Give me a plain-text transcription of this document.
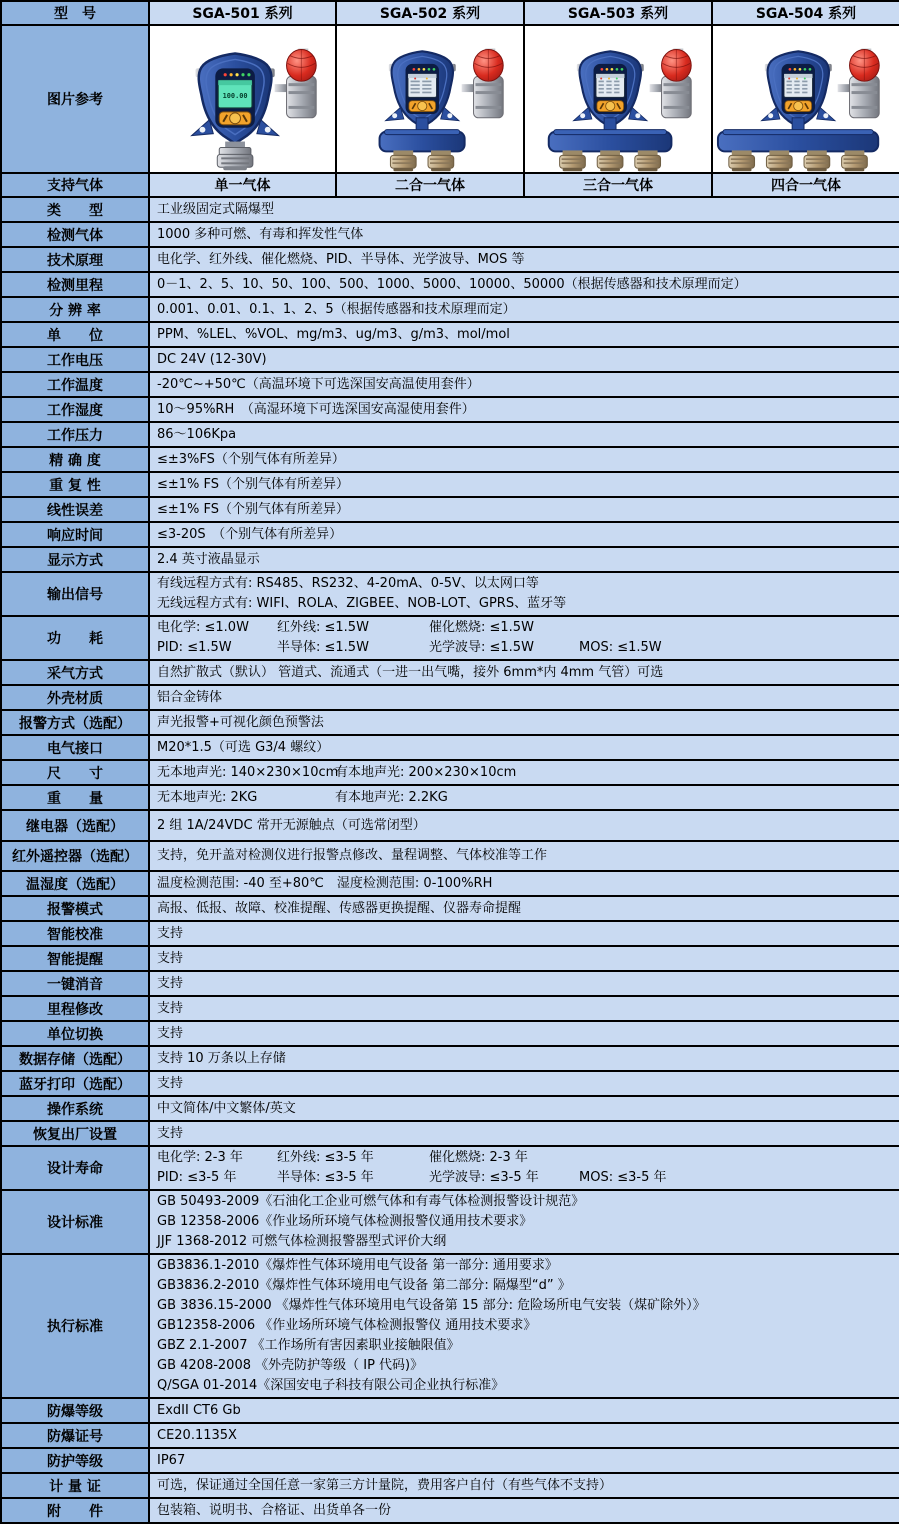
型　号	SGA-501 系列	SGA-502 系列	SGA-503 系列	SGA-504 系列
图片参考	100.00

支持气体	单一气体	二合一气体	三合一气体	四合一气体
类　　型	工业级固定式隔爆型			

检测气体	1000 多种可燃、有毒和挥发性气体			

技术原理	电化学、红外线、催化燃烧、PID、半导体、光学波导、MOS 等			

检测里程	0－1、2、5、10、50、100、500、1000、5000、10000、50000（根据传感器和技术原理而定）			

分 辨 率	0.001、0.01、0.1、1、2、5（根据传感器和技术原理而定）			

单　　位	PPM、%LEL、%VOL、mg/m3、ug/m3、g/m3、mol/mol			

工作电压	DC 24V (12-30V)			

工作温度	-20℃~+50℃（高温环境下可选深国安高温使用套件）			

工作湿度	10～95%RH　（高湿环境下可选深国安高湿使用套件）			

工作压力	86～106Kpa			

精 确 度	≤±3%FS（个别气体有所差异）			

重 复 性	≤±1% FS（个别气体有所差异）			

线性误差	≤±1% FS（个别气体有所差异）			

响应时间	≤3-20S　（个别气体有所差异）			

显示方式	2.4 英寸液晶显示			

输出信号	有线远程方式有: RS485、RS232、4-20mA、0-5V、以太网口等
无线远程方式有: WIFI、ROLA、ZIGBEE、NOB-LOT、GPRS、蓝牙等			

功　　耗	电化学: ≤1.0W 红外线: ≤1.5W 催化燃烧: ≤1.5W
PID: ≤1.5W 半导体: ≤1.5W 光学波导: ≤1.5W MOS: ≤1.5W			

采气方式	自然扩散式（默认） 管道式、流通式（一进一出气嘴，接外 6mm*内 4mm 气管）可选			

外壳材质	铝合金铸体			

报警方式（选配）	声光报警+可视化颜色预警法			

电气接口	M20*1.5（可选 G3/4 螺纹）			

尺　　寸	无本地声光: 140×230×10cm有本地声光: 200×230×10cm			

重　　量	无本地声光: 2KG 有本地声光: 2.2KG			

继电器（选配）	2 组 1A/24VDC 常开无源触点（可选常闭型）			

红外遥控器（选配）	支持，免开盖对检测仪进行报警点修改、量程调整、气体校准等工作			

温湿度（选配）	温度检测范围: -40 至+80℃　湿度检测范围: 0-100%RH			

报警模式	高报、低报、故障、校准提醒、传感器更换提醒、仪器寿命提醒			

智能校准	支持			

智能提醒	支持			

一键消音	支持			

里程修改	支持			

单位切换	支持			

数据存储（选配）	支持 10 万条以上存储			

蓝牙打印（选配）	支持			

操作系统	中文简体/中文繁体/英文			

恢复出厂设置	支持			

设计寿命	电化学: 2-3 年 红外线: ≤3-5 年 催化燃烧: 2-3 年
PID: ≤3-5 年 半导体: ≤3-5 年 光学波导: ≤3-5 年 MOS: ≤3-5 年			

设计标准	GB 50493-2009《石油化工企业可燃气体和有毒气体检测报警设计规范》
GB 12358-2006《作业场所环境气体检测报警仪通用技术要求》
JJF 1368-2012 可燃气体检测报警器型式评价大纲			

执行标准	
GB3836.1-2010《爆炸性气体环境用电气设备 第一部分: 通用要求》
GB3836.2-2010《爆炸性气体环境用电气设备 第二部分: 隔爆型“d” 》
GB 3836.15-2000 《爆炸性气体环境用电气设备第 15 部分: 危险场所电气安装（煤矿除外）》
GB12358-2006 《作业场所环境气体检测报警仪 通用技术要求》
GBZ 2.1-2007 《工作场所有害因素职业接触限值》
GB 4208-2008 《外壳防护等级（ IP 代码)》
Q/SGA 01-2014《深国安电子科技有限公司企业执行标准》

防爆等级	ExdII CT6 Gb			

防爆证号	CE20.1135X			

防护等级	IP67			

计 量 证	可选，保证通过全国任意一家第三方计量院，费用客户自付（有些气体不支持）			

附　　件	包装箱、说明书、合格证、出货单各一份			
